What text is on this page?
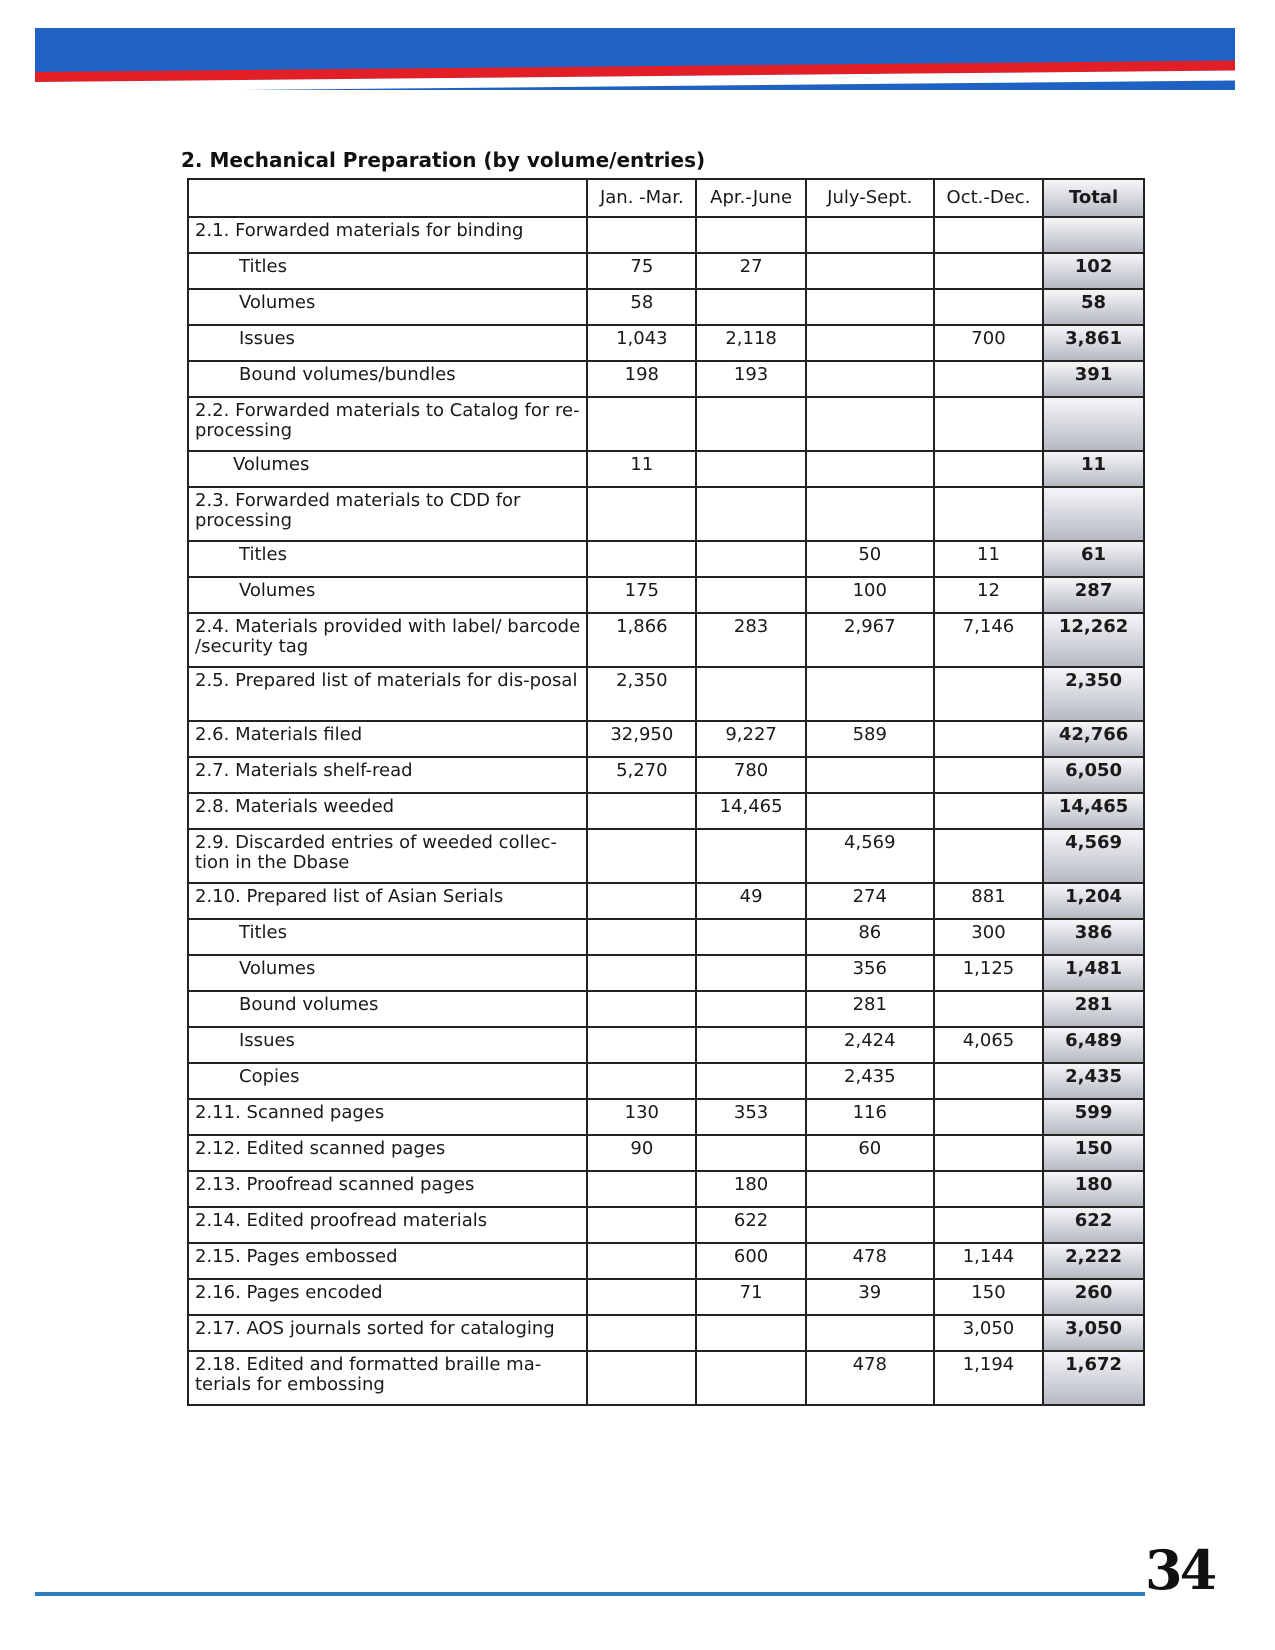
2. Mechanical Preparation (by volume/entries)
	Jan. -Mar.	Apr.-June	July-Sept.	Oct.-Dec.	Total
2.1. Forwarded materials for binding					
Titles	75	27			102
Volumes	58				58
Issues	1,043	2,118		700	3,861
Bound volumes/bundles	198	193			391
2.2. Forwarded materials to Catalog for re-processing					
Volumes	11				11
2.3. Forwarded materials to CDD for processing					
Titles			50	11	61
Volumes	175		100	12	287
2.4. Materials provided with label/ barcode /security tag	1,866	283	2,967	7,146	12,262
2.5. Prepared list of materials for dis-posal	2,350				2,350
2.6. Materials filed	32,950	9,227	589		42,766
2.7. Materials shelf-read	5,270	780			6,050
2.8. Materials weeded		14,465			14,465
2.9. Discarded entries of weeded collec-tion in the Dbase			4,569		4,569
2.10. Prepared list of Asian Serials		49	274	881	1,204
Titles			86	300	386
Volumes			356	1,125	1,481
Bound volumes			281		281
Issues			2,424	4,065	6,489
Copies			2,435		2,435
2.11. Scanned pages	130	353	116		599
2.12. Edited scanned pages	90		60		150
2.13. Proofread scanned pages		180			180
2.14. Edited proofread materials		622			622
2.15. Pages embossed		600	478	1,144	2,222
2.16. Pages encoded		71	39	150	260
2.17. AOS journals sorted for cataloging				3,050	3,050
2.18. Edited and formatted braille ma-terials for embossing			478	1,194	1,672
34
